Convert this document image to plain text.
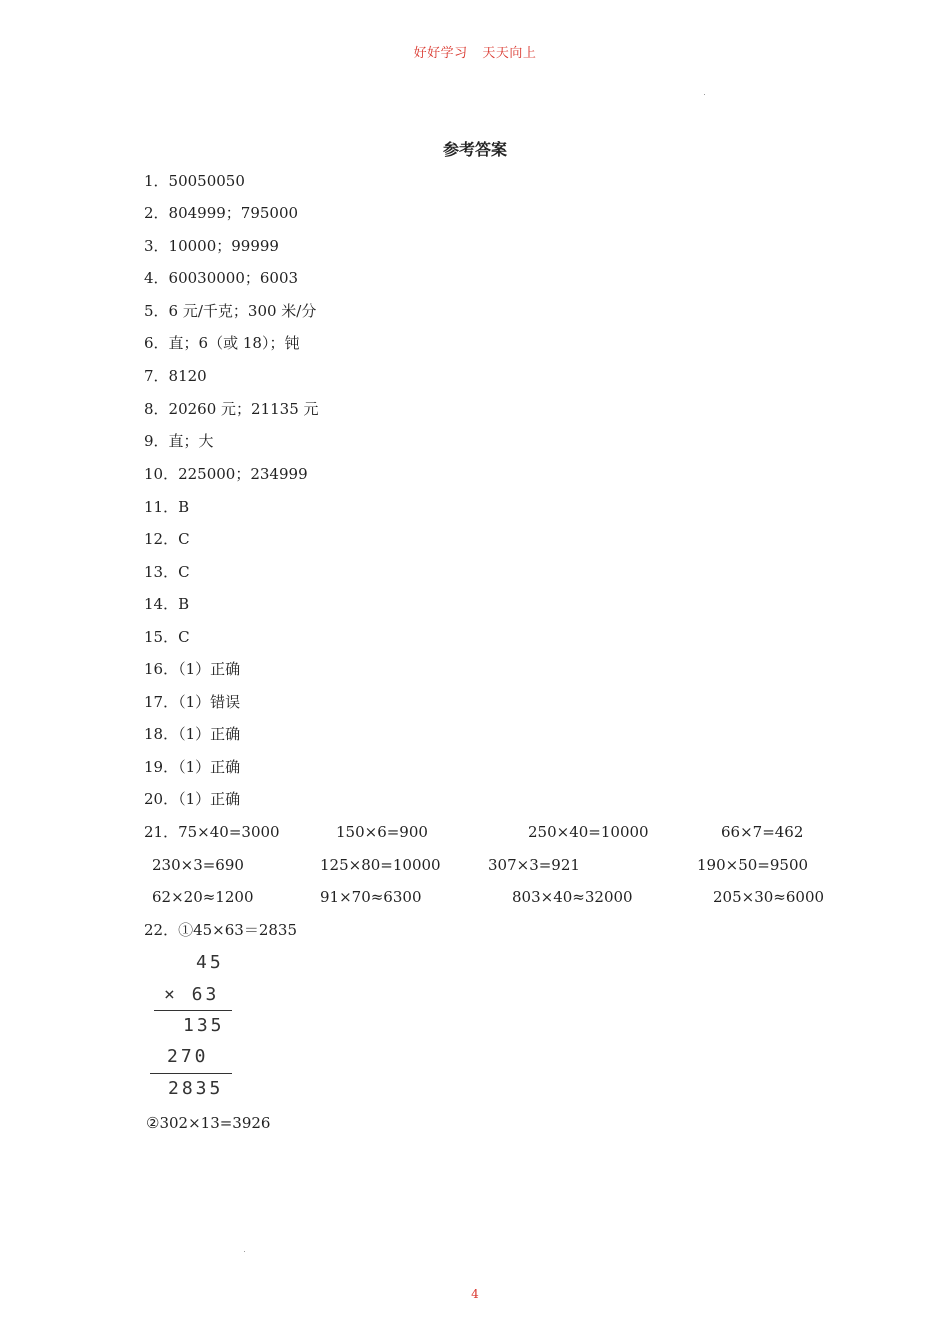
好好学习 天天向上
参考答案
1．50050050
2．804999；795000
3．10000；99999
4．60030000；6003
5．6 元/千克；300 米/分
6．直；6（或 18）；钝
7．8120
8．20260 元；21135 元
9．直；大
10．225000；234999
11．B
12．C
13．C
14．B
15．C
16．（1）正确
17．（1）错误
18．（1）正确
19．（1）正确
20．（1）正确
21．75×40=3000	150×6=900	250×40=10000	66×7=462
230×3=690	125×80=10000	307×3=921	190×50=9500
62×20≈1200	91×70≈6300	803×40≈32000	205×30≈6000
22．①45×63＝2835
45
× 63
135
270
2835
②302×13=3926
4
